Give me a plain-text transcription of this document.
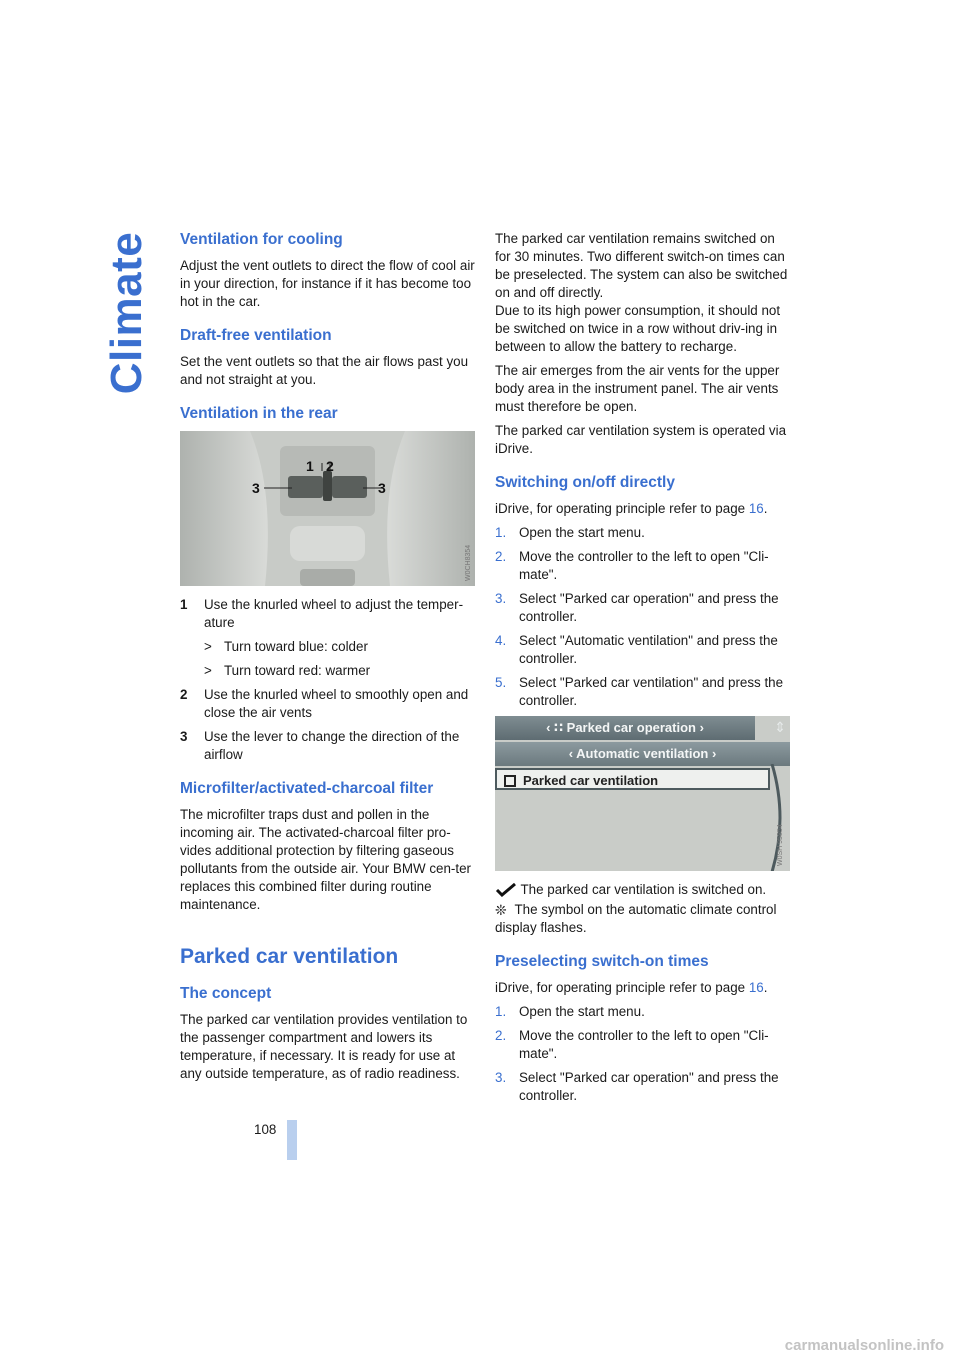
Climate Ventilation for cooling

Adjust the vent outlets to direct the flow of cool air in your direction, for instance if it has become too hot in the car.

Draft-free ventilation

Set the vent outlets so that the air flows past you and not straight at you.

Ventilation in the rear
1 2
3	3
W0CH8354
1	Use the knurled wheel to adjust the temper-ature
> Turn toward blue: colder
> Turn toward red: warmer
2	Use the knurled wheel to smoothly open and close the air vents
3	Use the lever to change the direction of the airflow
Microfilter/activated-charcoal filter

The microfilter traps dust and pollen in the incoming air. The activated-charcoal filter pro-vides additional protection by filtering gaseous pollutants from the outside air. Your BMW cen-ter replaces this combined filter during routine maintenance.

Parked car ventilation
The concept

The parked car ventilation provides ventilation to the passenger compartment and lowers its temperature, if necessary. It is ready for use at any outside temperature, as of radio readiness.

The parked car ventilation remains switched on for 30 minutes. Two different switch-on times can be preselected. The system can also be switched on and off directly.

Due to its high power consumption, it should not be switched on twice in a row without driv-ing in between to allow the battery to recharge.

The air emerges from the air vents for the upper body area in the instrument panel. The air vents must therefore be open.

The parked car ventilation system is operated via iDrive.

Switching on/off directly

iDrive, for operating principle refer to page 16.

1. Open the start menu.
2. Move the controller to the left to open "Cli-mate".
3. Select "Parked car operation" and press the controller.
4. Select "Automatic ventilation" and press the controller.
5. Select "Parked car ventilation" and press the controller.
‹ ∷ Parked car operation ›	⇕
‹ Automatic ventilation ›
Parked car ventilation
W0SH 95854

The parked car ventilation is switched on.

❊ The symbol on the automatic climate control display flashes.

Preselecting switch-on times

iDrive, for operating principle refer to page 16.

1. Open the start menu.
2. Move the controller to the left to open "Cli-mate".
3. Select "Parked car operation" and press the controller.
108
carmanualsonline.info
